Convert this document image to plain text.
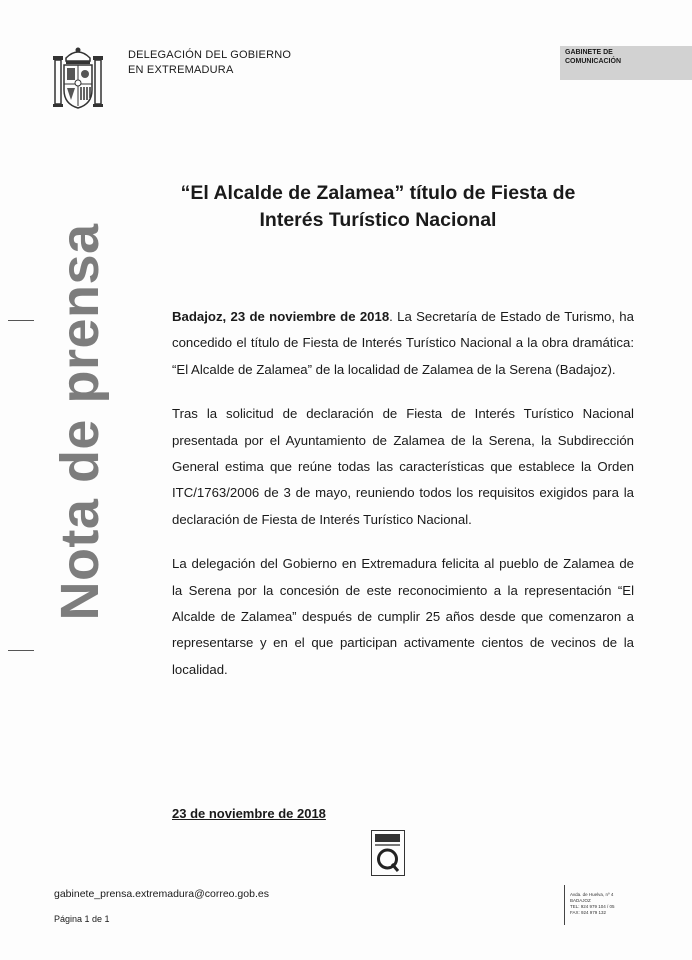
DELEGACIÓN DEL GOBIERNO
EN EXTREMADURA
GABINETE DE
COMUNICACIÓN
“El Alcalde de Zalamea” título de Fiesta de
Interés Turístico Nacional
Nota de prensa	Badajoz, 23 de noviembre de 2018. La Secretaría de Estado de Turismo, ha concedido el título de Fiesta de Interés Turístico Nacional a la obra dramática: “El Alcalde de Zalamea” de la localidad de Zalamea de la Serena (Badajoz).

Tras la solicitud de declaración de Fiesta de Interés Turístico Nacional presentada por el Ayuntamiento de Zalamea de la Serena, la Subdirección General estima que reúne todas las características que establece la Orden ITC/1763/2006 de 3 de mayo, reuniendo todos los requisitos exigidos para la declaración de Fiesta de Interés Turístico Nacional.

La delegación del Gobierno en Extremadura felicita al pueblo de Zalamea de la Serena por la concesión de este reconocimiento a la representación “El Alcalde de Zalamea” después de cumplir 25 años desde que comenzaron a representarse y en el que participan activamente cientos de vecinos de la localidad.

23 de noviembre de 2018
gabinete_prensa.extremadura@correo.gob.es
Página 1 de 1
Avda. de Huelva, nº 4
BADAJOZ
TEL: 924 979 104 / 05
FAX: 924 979 132
